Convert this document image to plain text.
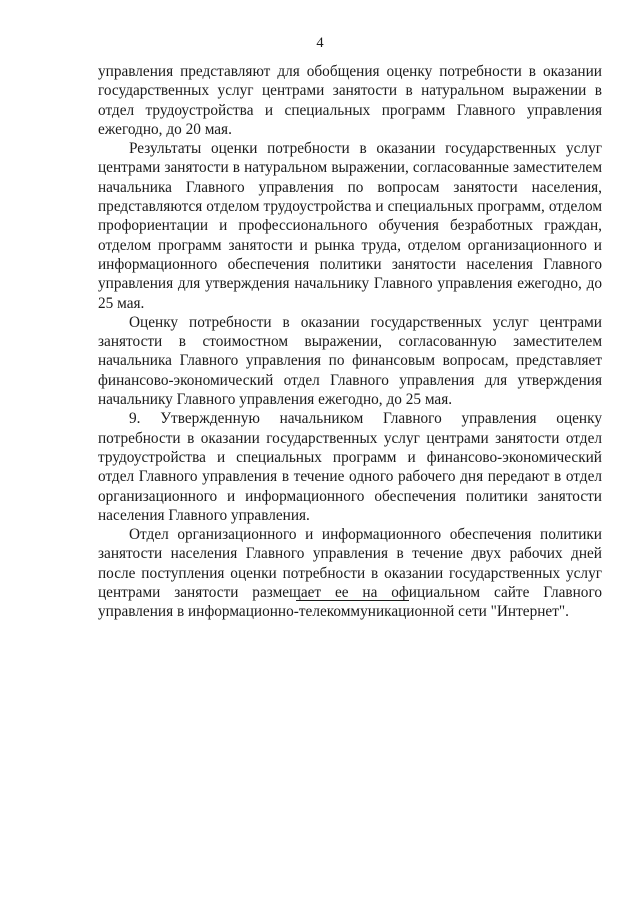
4

управления представляют для обобщения оценку потребности в оказании государственных услуг центрами занятости в натуральном выражении в отдел трудоустройства и специальных программ Главного управления ежегодно, до 20 мая.

Результаты оценки потребности в оказании государственных услуг центрами занятости в натуральном выражении, согласованные заместителем начальника Главного управления по вопросам занятости населения, представляются отделом трудоустройства и специальных программ, отделом профориентации и профессионального обучения безработных граждан, отделом программ занятости и рынка труда, отделом организационного и информационного обеспечения политики занятости населения Главного управления для утверждения начальнику Главного управления ежегодно, до 25 мая.

Оценку потребности в оказании государственных услуг центрами занятости в стоимостном выражении, согласованную заместителем начальника Главного управления по финансовым вопросам, представляет финансово-экономический отдел Главного управления для утверждения начальнику Главного управления ежегодно, до 25 мая.

9. Утвержденную начальником Главного управления оценку потребности в оказании государственных услуг центрами занятости отдел трудоустройства и специальных программ и финансово-экономический отдел Главного управления в течение одного рабочего дня передают в отдел организационного и информационного обеспечения политики занятости населения Главного управления.

Отдел организационного и информационного обеспечения политики занятости населения Главного управления в течение двух рабочих дней после поступления оценки потребности в оказании государственных услуг центрами занятости размещает ее на официальном сайте Главного управления в информационно-телекоммуникационной сети "Интернет".
